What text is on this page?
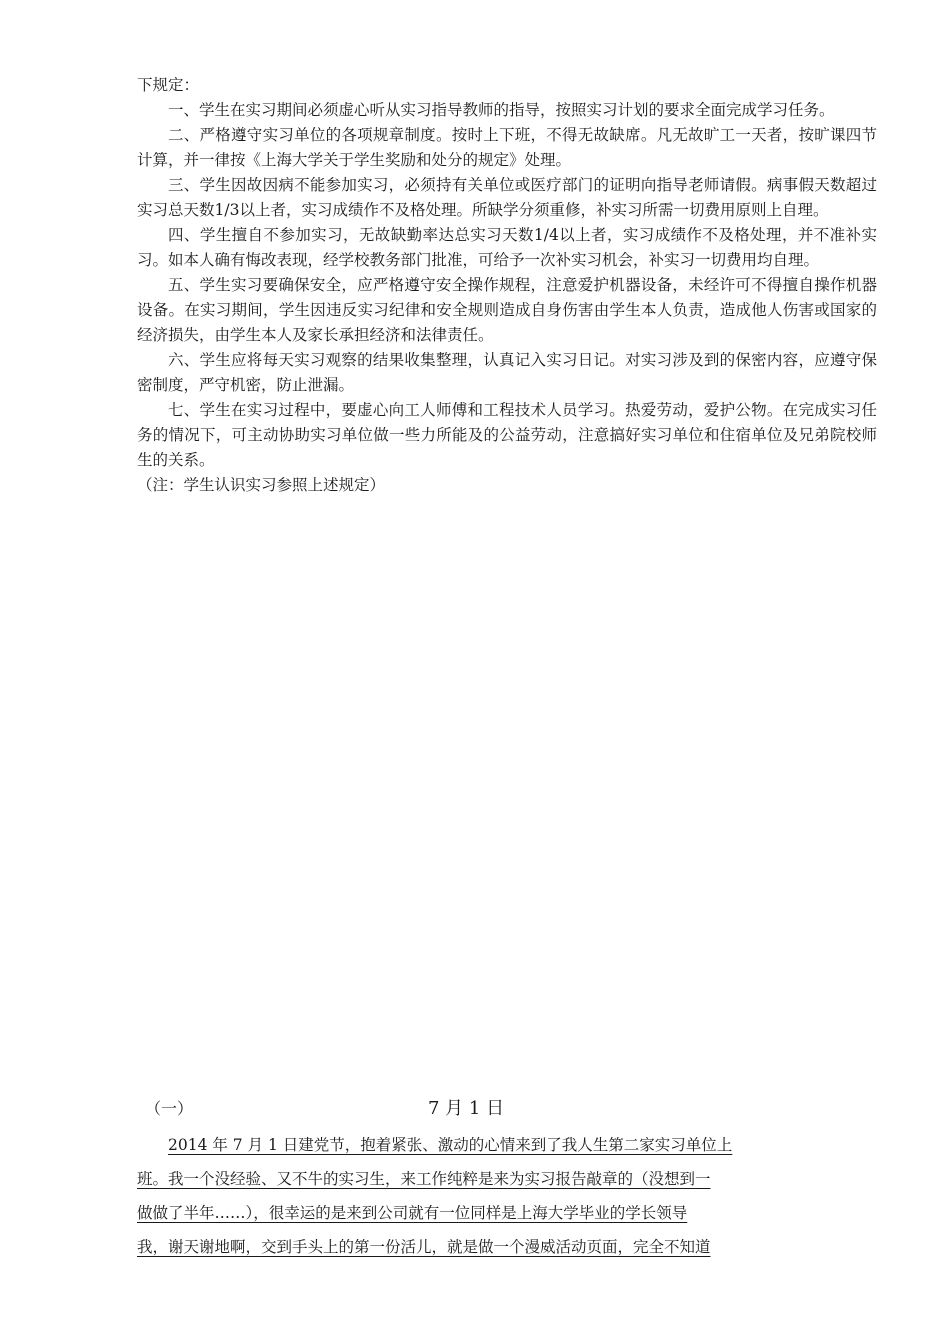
下规定：

一、学生在实习期间必须虚心听从实习指导教师的指导，按照实习计划的要求全面完成学习任务。

二、严格遵守实习单位的各项规章制度。按时上下班，不得无故缺席。凡无故旷工一天者，按旷课四节计算，并一律按《上海大学关于学生奖励和处分的规定》处理。

三、学生因故因病不能参加实习，必须持有关单位或医疗部门的证明向指导老师请假。病事假天数超过实习总天数1/3以上者，实习成绩作不及格处理。所缺学分须重修，补实习所需一切费用原则上自理。

四、学生擅自不参加实习，无故缺勤率达总实习天数1/4以上者，实习成绩作不及格处理，并不准补实习。如本人确有悔改表现，经学校教务部门批准，可给予一次补实习机会，补实习一切费用均自理。

五、学生实习要确保安全，应严格遵守安全操作规程，注意爱护机器设备，未经许可不得擅自操作机器设备。在实习期间，学生因违反实习纪律和安全规则造成自身伤害由学生本人负责，造成他人伤害或国家的经济损失，由学生本人及家长承担经济和法律责任。

六、学生应将每天实习观察的结果收集整理，认真记入实习日记。对实习涉及到的保密内容，应遵守保密制度，严守机密，防止泄漏。

七、学生在实习过程中，要虚心向工人师傅和工程技术人员学习。热爱劳动，爱护公物。在完成实习任务的情况下，可主动协助实习单位做一些力所能及的公益劳动，注意搞好实习单位和住宿单位及兄弟院校师生的关系。

（注：学生认识实习参照上述规定）

（一）	7 月 1 日
2014 年 7 月 1 日建党节，抱着紧张、激动的心情来到了我人生第二家实习单位上
班。我一个没经验、又不牛的实习生，来工作纯粹是来为实习报告敲章的（没想到一
做做了半年……），很幸运的是来到公司就有一位同样是上海大学毕业的学长领导
我，谢天谢地啊，交到手头上的第一份活儿，就是做一个漫威活动页面，完全不知道
